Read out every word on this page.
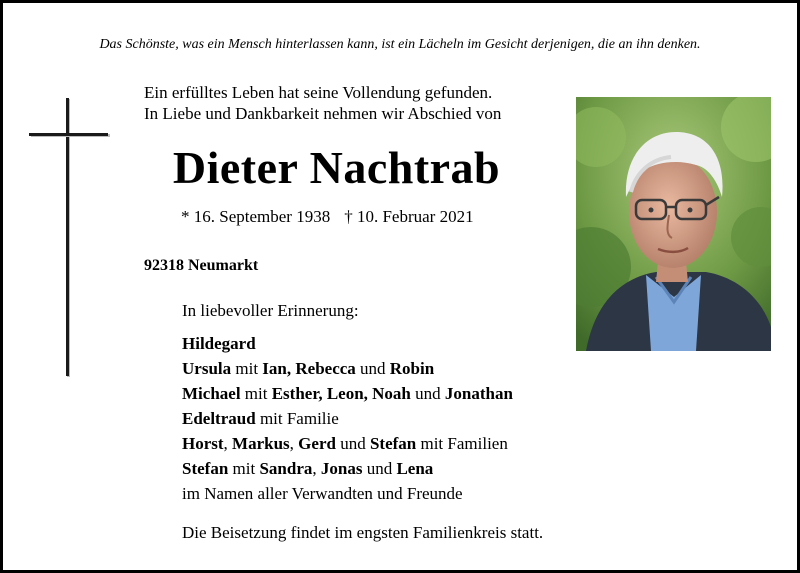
Das Schönste, was ein Mensch hinterlassen kann, ist ein Lächeln im Gesicht derjenigen, die an ihn denken.
Ein erfülltes Leben hat seine Vollendung gefunden.
In Liebe und Dankbarkeit nehmen wir Abschied von
Dieter Nachtrab
* 16. September 1938 † 10. Februar 2021
92318 Neumarkt
In liebevoller Erinnerung:
Hildegard
Ursula mit Ian, Rebecca und Robin
Michael mit Esther, Leon, Noah und Jonathan
Edeltraud mit Familie
Horst, Markus, Gerd und Stefan mit Familien
Stefan mit Sandra, Jonas und Lena
im Namen aller Verwandten und Freunde
Die Beisetzung findet im engsten Familienkreis statt.
